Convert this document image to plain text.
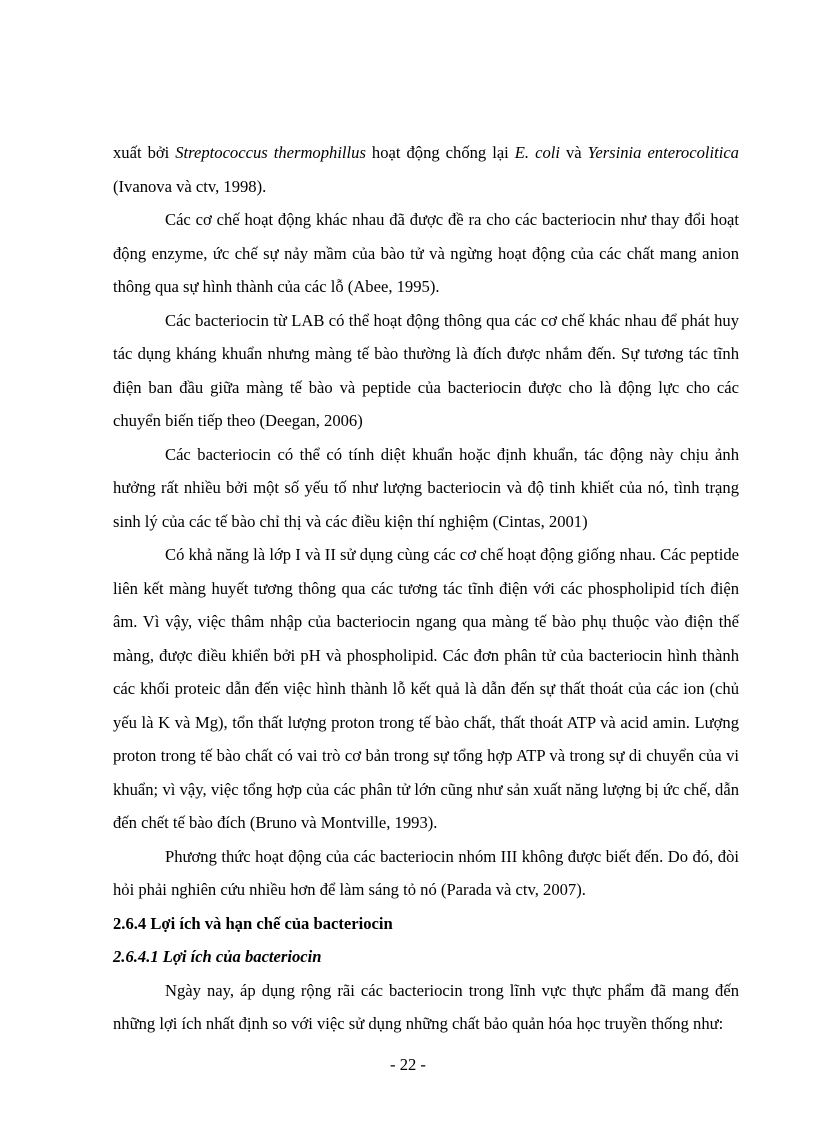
xuất bởi Streptococcus thermophillus hoạt động chống lại E. coli và Yersinia enterocolitica (Ivanova và ctv, 1998).

Các cơ chế hoạt động khác nhau đã được đề ra cho các bacteriocin như thay đổi hoạt động enzyme, ức chế sự nảy mầm của bào tử và ngừng hoạt động của các chất mang anion thông qua sự hình thành của các lỗ (Abee, 1995).

Các bacteriocin từ LAB có thể hoạt động thông qua các cơ chế khác nhau để phát huy tác dụng kháng khuẩn nhưng màng tế bào thường là đích được nhắm đến. Sự tương tác tĩnh điện ban đầu giữa màng tế bào và peptide của bacteriocin được cho là động lực cho các chuyển biến tiếp theo (Deegan, 2006)

Các bacteriocin có thể có tính diệt khuẩn hoặc định khuẩn, tác động này chịu ảnh hưởng rất nhiều bởi một số yếu tố như lượng bacteriocin và độ tinh khiết của nó, tình trạng sinh lý của các tế bào chỉ thị và các điều kiện thí nghiệm (Cintas, 2001)

Có khả năng là lớp I và II sử dụng cùng các cơ chế hoạt động giống nhau. Các peptide liên kết màng huyết tương thông qua các tương tác tĩnh điện với các phospholipid tích điện âm. Vì vậy, việc thâm nhập của bacteriocin ngang qua màng tế bào phụ thuộc vào điện thế màng, được điều khiển bởi pH và phospholipid. Các đơn phân tử của bacteriocin hình thành các khối proteic dẫn đến việc hình thành lỗ kết quả là dẫn đến sự thất thoát của các ion (chủ yếu là K và Mg), tổn thất lượng proton trong tế bào chất, thất thoát ATP và acid amin. Lượng proton trong tế bào chất có vai trò cơ bản trong sự tổng hợp ATP và trong sự di chuyển của vi khuẩn; vì vậy, việc tổng hợp của các phân tử lớn cũng như sản xuất năng lượng bị ức chế, dẫn đến chết tế bào đích (Bruno và Montville, 1993).

Phương thức hoạt động của các bacteriocin nhóm III không được biết đến. Do đó, đòi hỏi phải nghiên cứu nhiều hơn để làm sáng tỏ nó (Parada và ctv, 2007).

2.6.4 Lợi ích và hạn chế của bacteriocin

2.6.4.1 Lợi ích của bacteriocin

Ngày nay, áp dụng rộng rãi các bacteriocin trong lĩnh vực thực phẩm đã mang đến những lợi ích nhất định so với việc sử dụng những chất bảo quản hóa học truyền thống như:

- 22 -
